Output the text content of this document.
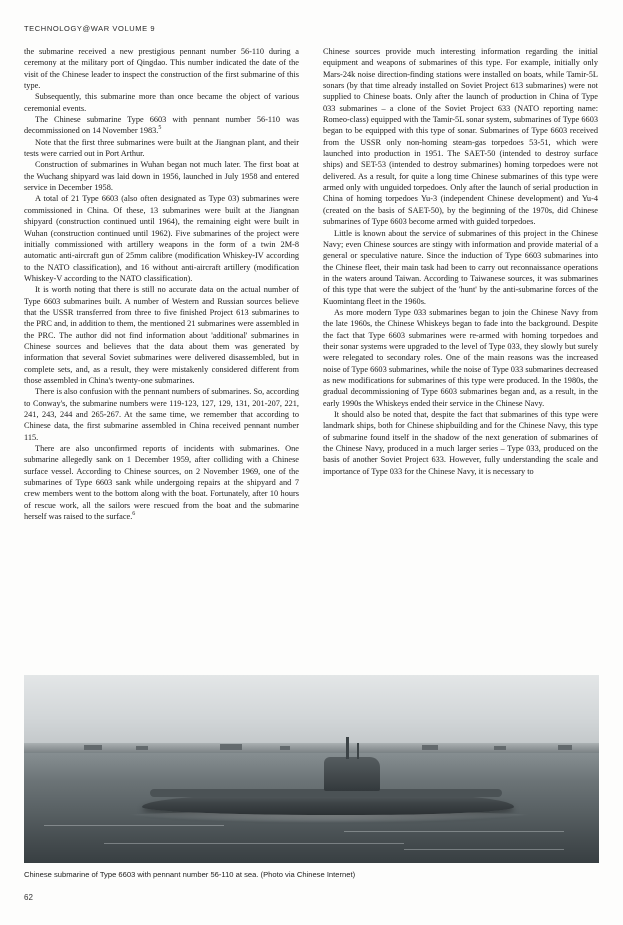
TECHNOLOGY@WAR VOLUME 9

the submarine received a new prestigious pennant number 56-110 during a ceremony at the military port of Qingdao. This number indicated the date of the visit of the Chinese leader to inspect the construction of the first submarine of this type.

Subsequently, this submarine more than once became the object of various ceremonial events.

The Chinese submarine Type 6603 with pennant number 56-110 was decommissioned on 14 November 1983.$^5$

Note that the first three submarines were built at the Jiangnan plant, and their tests were carried out in Port Arthur.

Construction of submarines in Wuhan began not much later. The first boat at the Wuchang shipyard was laid down in 1956, launched in July 1958 and entered service in December 1958.

A total of 21 Type 6603 (also often designated as Type 03) submarines were commissioned in China. Of these, 13 submarines were built at the Jiangnan shipyard (construction continued until 1964), the remaining eight were built in Wuhan (construction continued until 1962). Five submarines of the project were initially commissioned with artillery weapons in the form of a twin 2M-8 automatic anti-aircraft gun of 25mm calibre (modification Whiskey-IV according to the NATO classification), and 16 without anti-aircraft artillery (modification Whiskey-V according to the NATO classification).

It is worth noting that there is still no accurate data on the actual number of Type 6603 submarines built. A number of Western and Russian sources believe that the USSR transferred from three to five finished Project 613 submarines to the PRC and, in addition to them, the mentioned 21 submarines were assembled in the PRC. The author did not find information about 'additional' submarines in Chinese sources and believes that the data about them was generated by information that several Soviet submarines were delivered disassembled, but in complete sets, and, as a result, they were mistakenly considered different from those assembled in China's twenty-one submarines.

There is also confusion with the pennant numbers of submarines. So, according to Conway's, the submarine numbers were 119-123, 127, 129, 131, 201-207, 221, 241, 243, 244 and 265-267. At the same time, we remember that according to Chinese data, the first submarine assembled in China received pennant number 115.

There are also unconfirmed reports of incidents with submarines. One submarine allegedly sank on 1 December 1959, after colliding with a Chinese surface vessel. According to Chinese sources, on 2 November 1969, one of the submarines of Type 6603 sank while undergoing repairs at the shipyard and 7 crew members went to the bottom along with the boat. Fortunately, after 10 hours of rescue work, all the sailors were rescued from the boat and the submarine herself was raised to the surface.$^6$

Chinese sources provide much interesting information regarding the initial equipment and weapons of submarines of this type. For example, initially only Mars-24k noise direction-finding stations were installed on boats, while Tamir-5L sonars (by that time already installed on Soviet Project 613 submarines) were not supplied to Chinese boats. Only after the launch of production in China of Type 033 submarines – a clone of the Soviet Project 633 (NATO reporting name: Romeo-class) equipped with the Tamir-5L sonar system, submarines of Type 6603 began to be equipped with this type of sonar. Submarines of Type 6603 received from the USSR only non-homing steam-gas torpedoes 53-51, which were launched into production in 1951. The SAET-50 (intended to destroy surface ships) and SET-53 (intended to destroy submarines) homing torpedoes were not delivered. As a result, for quite a long time Chinese submarines of this type were armed only with unguided torpedoes. Only after the launch of serial production in China of homing torpedoes Yu-3 (independent Chinese development) and Yu-4 (created on the basis of SAET-50), by the beginning of the 1970s, did Chinese submarines of Type 6603 become armed with guided torpedoes.

Little is known about the service of submarines of this project in the Chinese Navy; even Chinese sources are stingy with information and provide material of a general or speculative nature. Since the induction of Type 6603 submarines into the Chinese fleet, their main task had been to carry out reconnaissance operations in the waters around Taiwan. According to Taiwanese sources, it was submarines of this type that were the subject of the 'hunt' by the anti-submarine forces of the Kuomintang fleet in the 1960s.

As more modern Type 033 submarines began to join the Chinese Navy from the late 1960s, the Chinese Whiskeys began to fade into the background. Despite the fact that Type 6603 submarines were re-armed with homing torpedoes and their sonar systems were upgraded to the level of Type 033, they slowly but surely were relegated to secondary roles. One of the main reasons was the increased noise of Type 6603 submarines, while the noise of Type 033 submarines decreased as new modifications for submarines of this type were produced. In the 1980s, the gradual decommissioning of Type 6603 submarines began and, as a result, in the early 1990s the Whiskeys ended their service in the Chinese Navy.

It should also be noted that, despite the fact that submarines of this type were landmark ships, both for Chinese shipbuilding and for the Chinese Navy, this type of submarine found itself in the shadow of the next generation of submarines of the Chinese Navy, produced in a much larger series – Type 033, produced on the basis of another Soviet Project 633. However, fully understanding the scale and importance of Type 033 for the Chinese Navy, it is necessary to

Chinese submarine of Type 6603 with pennant number 56-110 at sea. (Photo via Chinese Internet)
62
